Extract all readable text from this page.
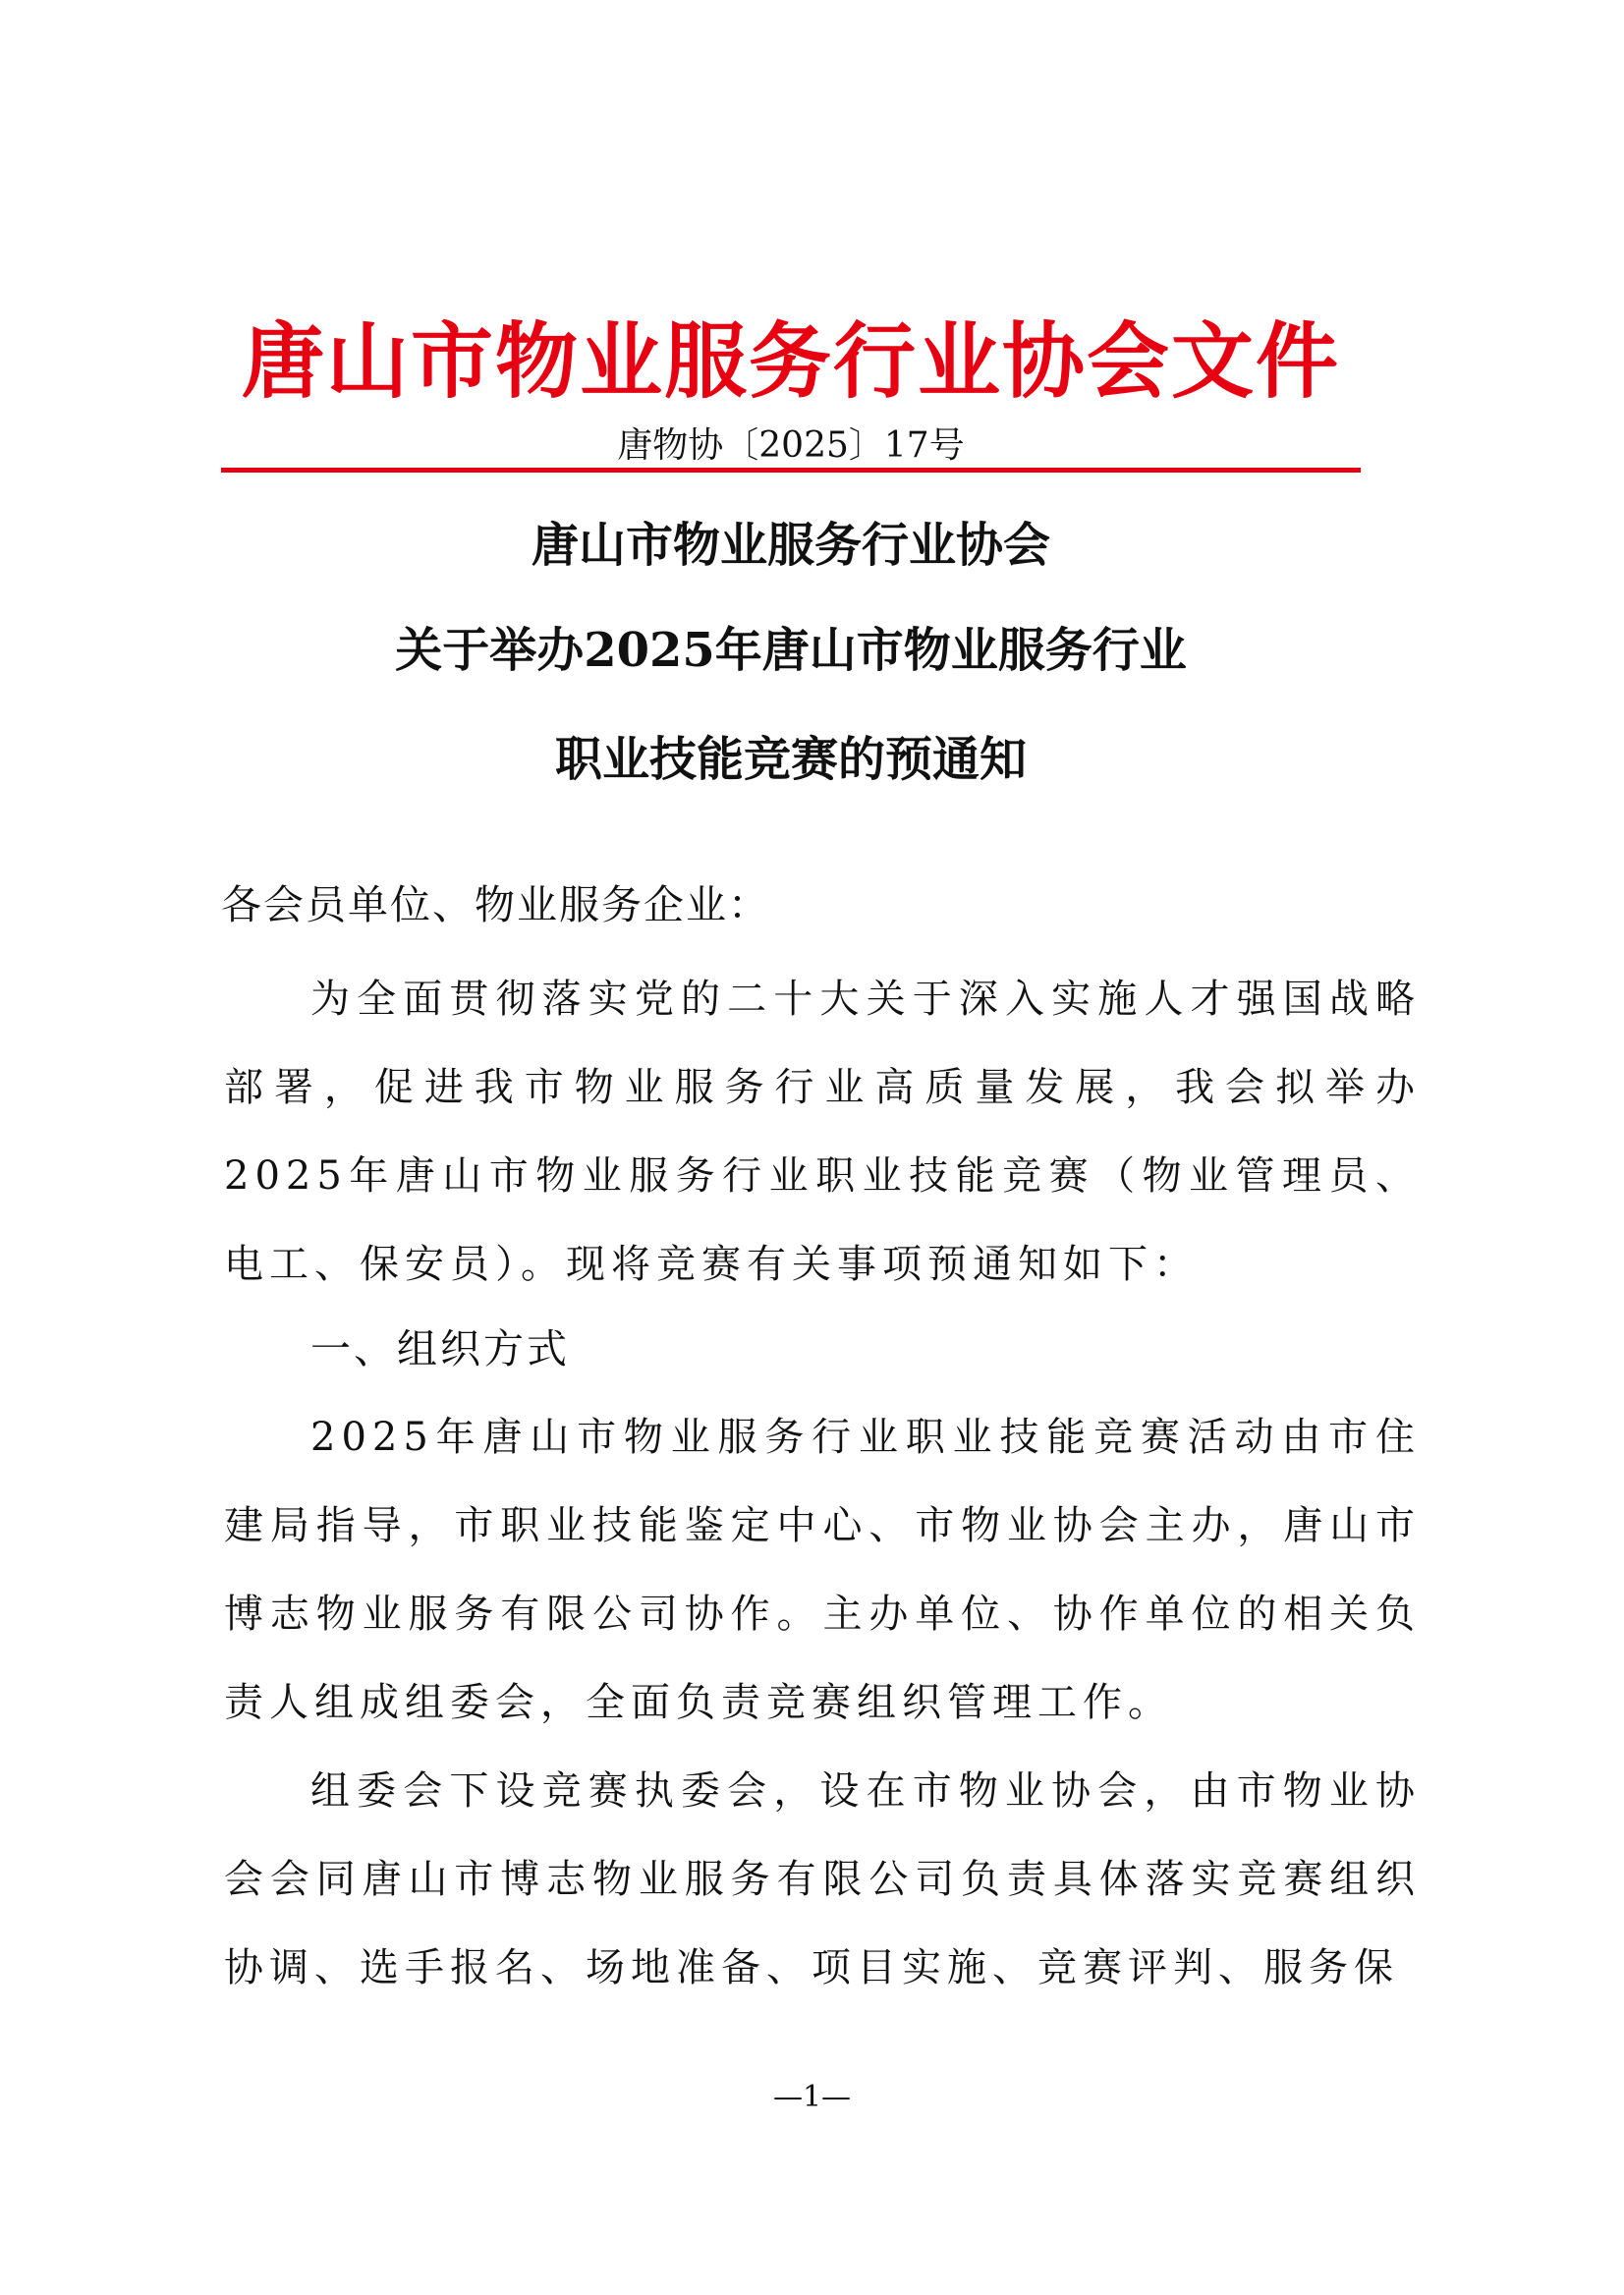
唐山市物业服务行业协会文件
唐物协〔2025〕17号
唐山市物业服务行业协会
关于举办2025年唐山市物业服务行业
职业技能竞赛的预通知
各会员单位、物业服务企业：

为全面贯彻落实党的二十大关于深入实施人才强国战略部署，促进我市物业服务行业高质量发展，我会拟举办2025年唐山市物业服务行业职业技能竞赛（物业管理员、电工、保安员）。现将竞赛有关事项预通知如下：

一、组织方式

2025年唐山市物业服务行业职业技能竞赛活动由市住建局指导，市职业技能鉴定中心、市物业协会主办，唐山市博志物业服务有限公司协作。主办单位、协作单位的相关负责人组成组委会，全面负责竞赛组织管理工作。

组委会下设竞赛执委会，设在市物业协会，由市物业协会会同唐山市博志物业服务有限公司负责具体落实竞赛组织协调、选手报名、场地准备、项目实施、竞赛评判、服务保

—1—
